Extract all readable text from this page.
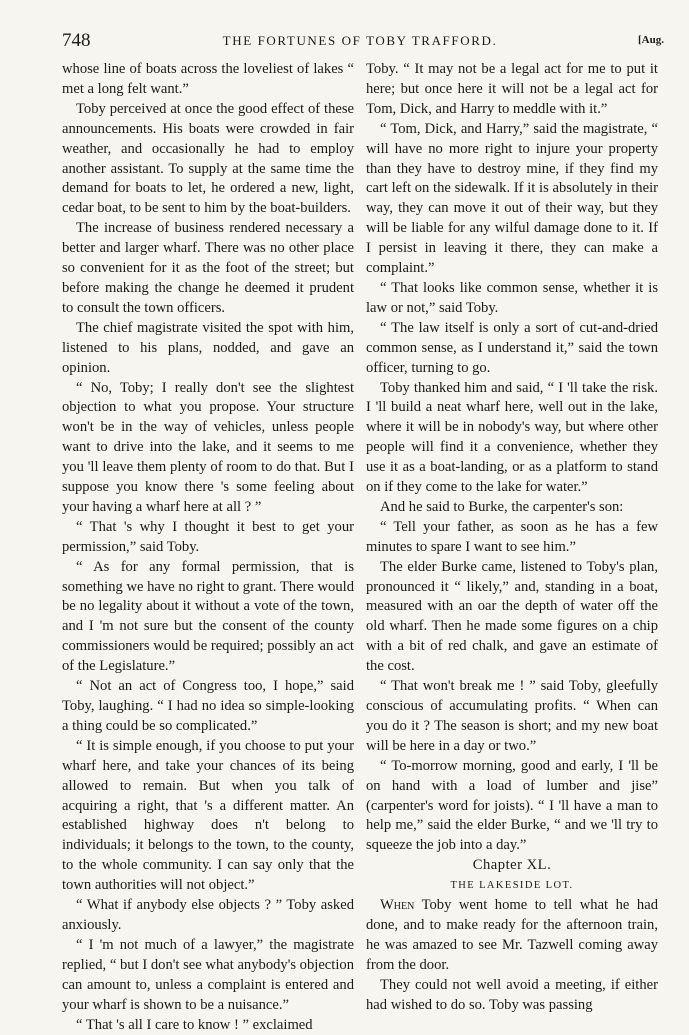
748	THE FORTUNES OF TOBY TRAFFORD.	[Aug.

whose line of boats across the loveliest of lakes “ met a long felt want.”

Toby perceived at once the good effect of these announcements. His boats were crowded in fair weather, and occasionally he had to employ another assistant. To supply at the same time the demand for boats to let, he ordered a new, light, cedar boat, to be sent to him by the boat-builders.

The increase of business rendered necessary a better and larger wharf. There was no other place so convenient for it as the foot of the street; but before making the change he deemed it prudent to consult the town officers.

The chief magistrate visited the spot with him, listened to his plans, nodded, and gave an opinion.

“ No, Toby; I really don't see the slightest objection to what you propose. Your structure won't be in the way of vehicles, unless people want to drive into the lake, and it seems to me you 'll leave them plenty of room to do that. But I suppose you know there 's some feeling about your having a wharf here at all ? ”

“ That 's why I thought it best to get your permission,” said Toby.

“ As for any formal permission, that is something we have no right to grant. There would be no legality about it without a vote of the town, and I 'm not sure but the consent of the county commissioners would be required; possibly an act of the Legislature.”

“ Not an act of Congress too, I hope,” said Toby, laughing. “ I had no idea so simple-looking a thing could be so complicated.”

“ It is simple enough, if you choose to put your wharf here, and take your chances of its being allowed to remain. But when you talk of acquiring a right, that 's a different matter. An established highway does n't belong to individuals; it belongs to the town, to the county, to the whole community. I can say only that the town authorities will not object.”

“ What if anybody else objects ? ” Toby asked anxiously.

“ I 'm not much of a lawyer,” the magistrate replied, “ but I don't see what anybody's objection can amount to, unless a complaint is entered and your wharf is shown to be a nuisance.”

“ That 's all I care to know ! ” exclaimed

Toby. “ It may not be a legal act for me to put it here; but once here it will not be a legal act for Tom, Dick, and Harry to meddle with it.”

“ Tom, Dick, and Harry,” said the magistrate, “ will have no more right to injure your property than they have to destroy mine, if they find my cart left on the sidewalk. If it is absolutely in their way, they can move it out of their way, but they will be liable for any wilful damage done to it. If I persist in leaving it there, they can make a complaint.”

“ That looks like common sense, whether it is law or not,” said Toby.

“ The law itself is only a sort of cut-and-dried common sense, as I understand it,” said the town officer, turning to go.

Toby thanked him and said, “ I 'll take the risk. I 'll build a neat wharf here, well out in the lake, where it will be in nobody's way, but where other people will find it a convenience, whether they use it as a boat-landing, or as a platform to stand on if they come to the lake for water.”

And he said to Burke, the carpenter's son:

“ Tell your father, as soon as he has a few minutes to spare I want to see him.”

The elder Burke came, listened to Toby's plan, pronounced it “ likely,” and, standing in a boat, measured with an oar the depth of water off the old wharf. Then he made some figures on a chip with a bit of red chalk, and gave an estimate of the cost.

“ That won't break me ! ” said Toby, gleefully conscious of accumulating profits. “ When can you do it ? The season is short; and my new boat will be here in a day or two.”

“ To-morrow morning, good and early, I 'll be on hand with a load of lumber and jise” (carpenter's word for joists). “ I 'll have a man to help me,” said the elder Burke, “ and we 'll try to squeeze the job into a day.”

Chapter XL.

THE LAKESIDE LOT.

When Toby went home to tell what he had done, and to make ready for the afternoon train, he was amazed to see Mr. Tazwell coming away from the door.

They could not well avoid a meeting, if either had wished to do so. Toby was passing
